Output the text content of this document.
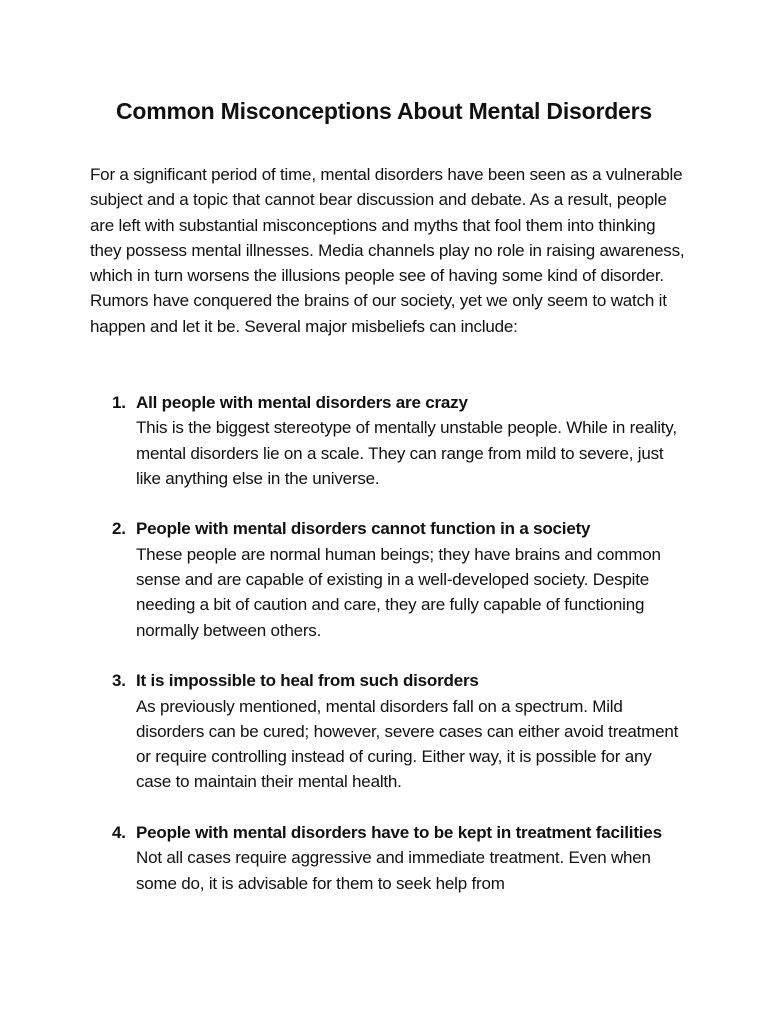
Common Misconceptions About Mental Disorders

For a significant period of time, mental disorders have been seen as a vulnerable subject and a topic that cannot bear discussion and debate. As a result, people are left with substantial misconceptions and myths that fool them into thinking they possess mental illnesses. Media channels play no role in raising awareness, which in turn worsens the illusions people see of having some kind of disorder. Rumors have conquered the brains of our society, yet we only seem to watch it happen and let it be. Several major misbeliefs can include:

1. All people with mental disorders are crazy
This is the biggest stereotype of mentally unstable people. While in reality, mental disorders lie on a scale. They can range from mild to severe, just like anything else in the universe.
2. People with mental disorders cannot function in a society
These people are normal human beings; they have brains and common sense and are capable of existing in a well-developed society. Despite needing a bit of caution and care, they are fully capable of functioning normally between others.
3. It is impossible to heal from such disorders
As previously mentioned, mental disorders fall on a spectrum. Mild disorders can be cured; however, severe cases can either avoid treatment or require controlling instead of curing. Either way, it is possible for any case to maintain their mental health.
4. People with mental disorders have to be kept in treatment facilities
Not all cases require aggressive and immediate treatment. Even when some do, it is advisable for them to seek help from
